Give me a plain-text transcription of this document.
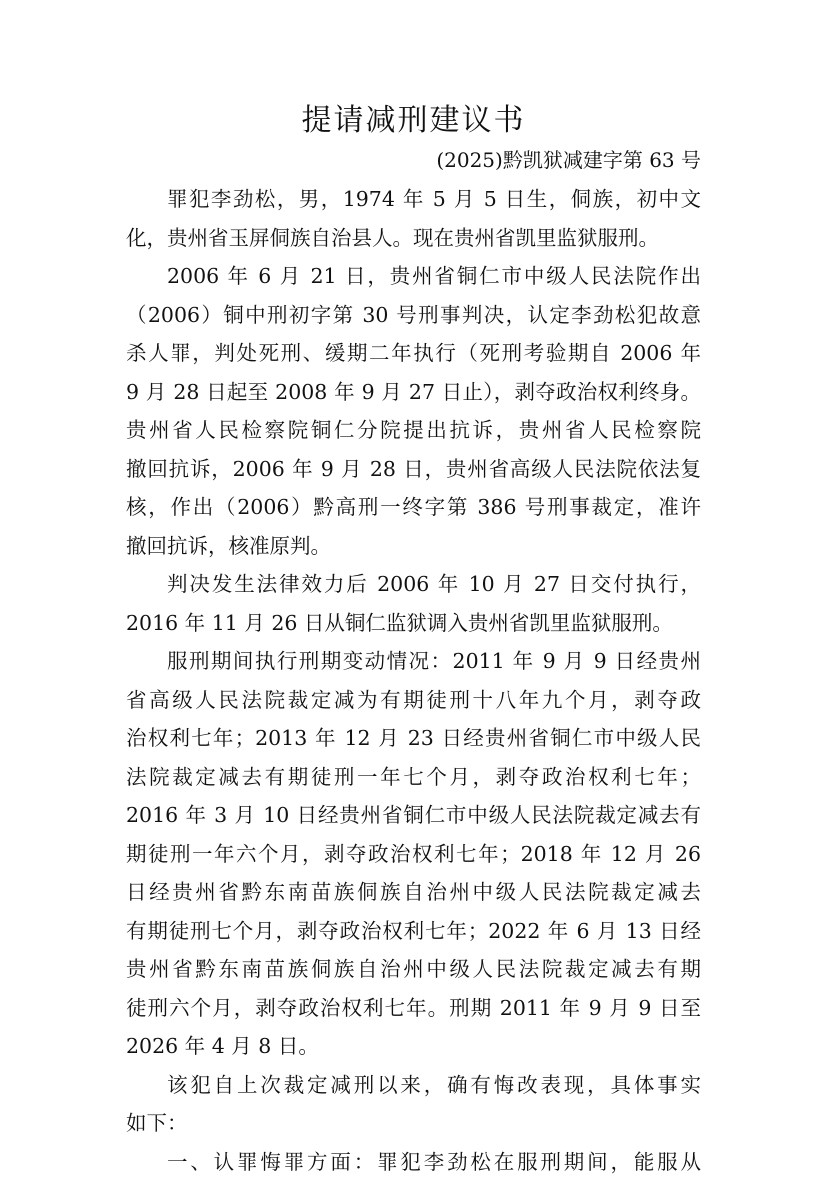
提请减刑建议书
(2025)黔凯狱减建字第 63 号
罪犯李劲松，男，1974 年 5 月 5 日生，侗族，初中文
化，贵州省玉屏侗族自治县人。现在贵州省凯里监狱服刑。
2006 年 6 月 21 日，贵州省铜仁市中级人民法院作出
（2006）铜中刑初字第 30 号刑事判决，认定李劲松犯故意
杀人罪，判处死刑、缓期二年执行（死刑考验期自 2006 年
9 月 28 日起至 2008 年 9 月 27 日止），剥夺政治权利终身。
贵州省人民检察院铜仁分院提出抗诉，贵州省人民检察院
撤回抗诉，2006 年 9 月 28 日，贵州省高级人民法院依法复
核，作出（2006）黔高刑一终字第 386 号刑事裁定，准许
撤回抗诉，核准原判。
判决发生法律效力后 2006 年 10 月 27 日交付执行，
2016 年 11 月 26 日从铜仁监狱调入贵州省凯里监狱服刑。
服刑期间执行刑期变动情况：2011 年 9 月 9 日经贵州
省高级人民法院裁定减为有期徒刑十八年九个月，剥夺政
治权利七年；2013 年 12 月 23 日经贵州省铜仁市中级人民
法院裁定减去有期徒刑一年七个月，剥夺政治权利七年；
2016 年 3 月 10 日经贵州省铜仁市中级人民法院裁定减去有
期徒刑一年六个月，剥夺政治权利七年；2018 年 12 月 26
日经贵州省黔东南苗族侗族自治州中级人民法院裁定减去
有期徒刑七个月，剥夺政治权利七年；2022 年 6 月 13 日经
贵州省黔东南苗族侗族自治州中级人民法院裁定减去有期
徒刑六个月，剥夺政治权利七年。刑期 2011 年 9 月 9 日至
2026 年 4 月 8 日。
该犯自上次裁定减刑以来，确有悔改表现，具体事实
如下：
一、认罪悔罪方面：罪犯李劲松在服刑期间，能服从
